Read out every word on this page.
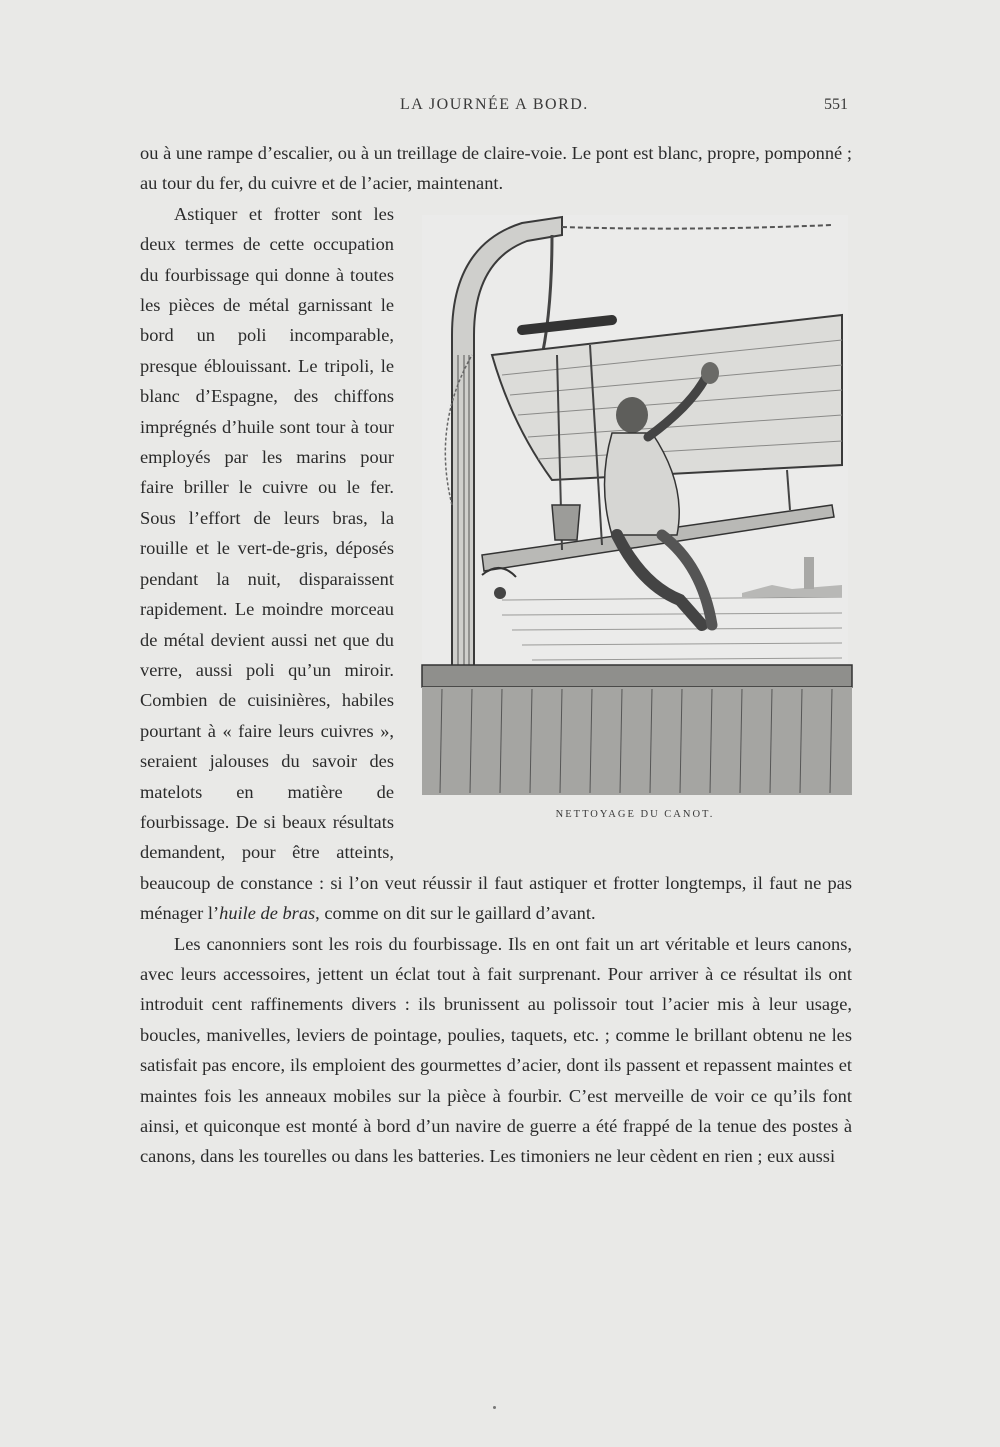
LA JOURNÉE A BORD.	551

ou à une rampe d’escalier, ou à un treillage de claire-voie. Le pont est blanc, propre, pomponné ; au tour du fer, du cuivre et de l’acier, maintenant.

NETTOYAGE DU CANOT.

Astiquer et frotter sont les deux termes de cette occupation du fourbissage qui donne à toutes les pièces de métal garnissant le bord un poli incomparable, presque éblouissant. Le tripoli, le blanc d’Espagne, des chiffons imprégnés d’huile sont tour à tour employés par les marins pour faire briller le cuivre ou le fer. Sous l’effort de leurs bras, la rouille et le vert-de-gris, déposés pendant la nuit, disparaissent rapidement. Le moindre morceau de métal devient aussi net que du verre, aussi poli qu’un miroir. Combien de cuisinières, habiles pourtant à « faire leurs cuivres », seraient jalouses du savoir des matelots en matière de fourbissage. De si beaux résultats demandent, pour être atteints, beaucoup de constance : si l’on veut réussir il faut astiquer et frotter longtemps, il faut ne pas ménager l’huile de bras, comme on dit sur le gaillard d’avant.

Les canonniers sont les rois du fourbissage. Ils en ont fait un art véritable et leurs canons, avec leurs accessoires, jettent un éclat tout à fait surprenant. Pour arriver à ce résultat ils ont introduit cent raffinements divers : ils brunissent au polissoir tout l’acier mis à leur usage, boucles, manivelles, leviers de pointage, poulies, taquets, etc. ; comme le brillant obtenu ne les satisfait pas encore, ils emploient des gourmettes d’acier, dont ils passent et repassent maintes et maintes fois les anneaux mobiles sur la pièce à fourbir. C’est merveille de voir ce qu’ils font ainsi, et quiconque est monté à bord d’un navire de guerre a été frappé de la tenue des postes à canons, dans les tourelles ou dans les batteries. Les timoniers ne leur cèdent en rien ; eux aussi
